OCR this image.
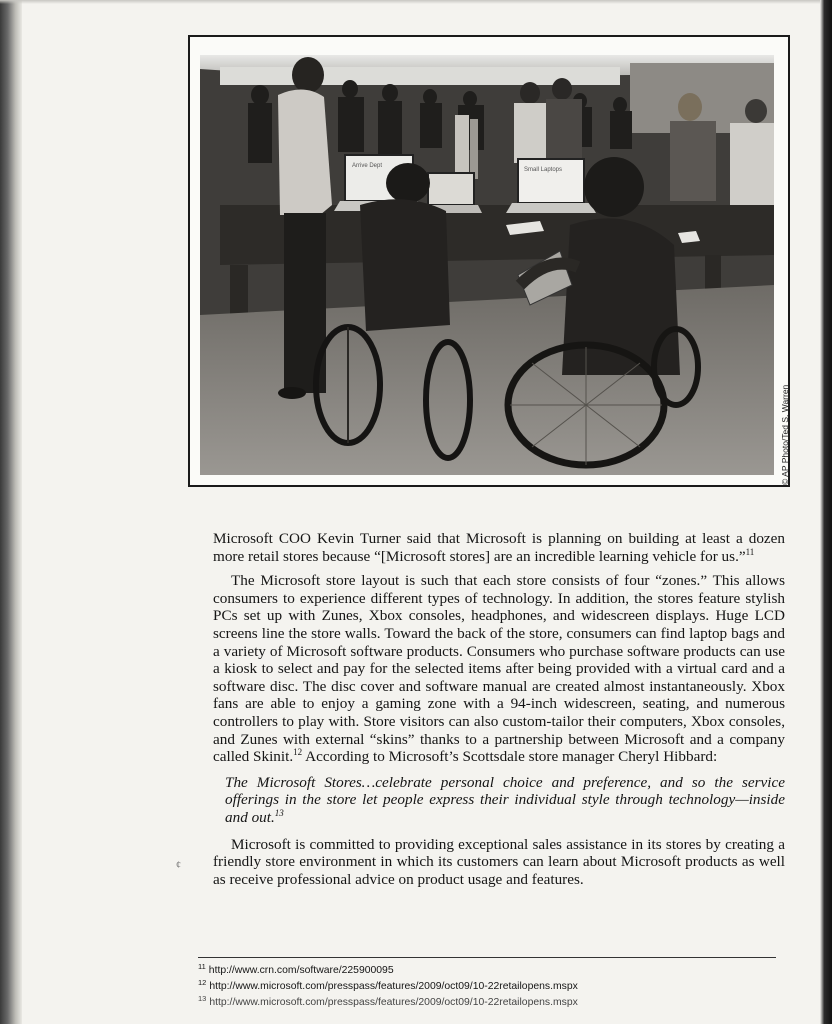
Arrive Dept
Small Laptops
© AP Photo/Ted S. Warren

Microsoft COO Kevin Turner said that Microsoft is planning on building at least a dozen more retail stores because “[Microsoft stores] are an incredible learning vehicle for us.”$^{11}$

The Microsoft store layout is such that each store consists of four “zones.” This allows consumers to experience different types of technology. In addition, the stores feature stylish PCs set up with Zunes, Xbox consoles, headphones, and widescreen displays. Huge LCD screens line the store walls. Toward the back of the store, consumers can find laptop bags and a variety of Microsoft software products. Consumers who purchase software products can use a kiosk to select and pay for the selected items after being provided with a virtual card and a software disc. The disc cover and software manual are created almost instantaneously. Xbox fans are able to enjoy a gaming zone with a 94-inch widescreen, seating, and numerous controllers to play with. Store visitors can also custom-tailor their computers, Xbox consoles, and Zunes with external “skins” thanks to a partnership between Microsoft and a company called Skinit.$^{12}$ According to Microsoft’s Scottsdale store manager Cheryl Hibbard:

The Microsoft Stores…celebrate personal choice and preference, and so the service offerings in the store let people express their individual style through technology—inside and out.$^{13}$

Microsoft is committed to providing exceptional sales assistance in its stores by creating a friendly store environment in which its customers can learn about Microsoft products as well as receive professional advice on product usage and features.

¢
$^{11}$ http://www.crn.com/software/225900095
$^{12}$ http://www.microsoft.com/presspass/features/2009/oct09/10-22retailopens.mspx
$^{13}$ http://www.microsoft.com/presspass/features/2009/oct09/10-22retailopens.mspx
